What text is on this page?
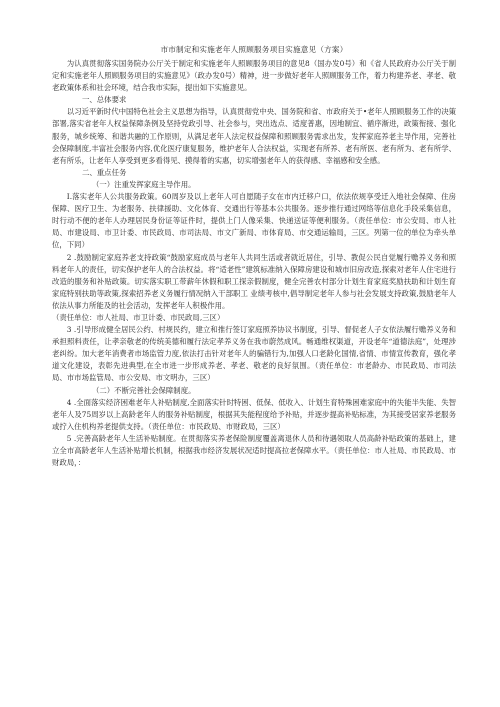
市市制定和实施老年人照顾服务项目实施意见（方案）

为认真贯彻落实国务院办公厅关于制定和实施老年人照顾服务项目的意见8（国办发0号）和《省人民政府办公厅关于制定和实施老年人照顾服务项目的实施意见》（政办发0号）精神，进一步做好老年人照顾服务工作，着力构建养老、孝老、敬老政策体系和社会环境，结合我市实际，提出如下实施意见。

一、总体要求

以习近平新时代中国特色社会主义思想为指导，认真贯彻党中央、国务院和省、市政府关于•老年人照顾服务工作的决策部署,落实省老年人权益保障条例及坚持党政引导、社会参与，突出选点、适度普惠，因地制宜、循序渐进，政策衔接、强化服务，城乡统筹、和谐共融的工作原则，从满足老年人法定权益保障和照顾服务需求出发，发挥家庭养老主导作用，完善社会保障制度,丰富社会服务内容,优化医疗康复服务，维护老年人合法权益，实现老有所养、老有所医、老有所为、老有所学、老有所乐，让老年人享受到更多看得见、摸得着的实惠，切实增强老年人的获得感、幸福感和安全感。

二、重点任务

（一）注重发挥家庭主导作用。

I.落实老年人公共服务政策。60周岁及以上老年人可自愿随子女在市内迁移户口，依法依规享受迁入地社会保障、住房保障、医疗卫生、为老服务、扶律援助、文化体育、交通出行等基本公共服务。逐步推行通过网络等信息化手段采集信息，时行动不便的老年人办理居民身份证等证件时，提供上门人像采集、快递送证等便利服务。（责任单位：市公安局、市人社局、市建设局、市卫计委、市民政局、市司法局、市文广新局、市体育局、市交通运输局，三区。列第一位的单位为牵头单位，下同）

2 .鼓励制定家庭养老支持政策“鼓励家庭成员与老年人共同生活或者就近居住，引导、教促公民自觉履行赡养义务和照料老年人的责任，切实保护老年人的合法权益。将“适老性”建筑标准纳入保障房建设和城市旧房改造,探索对老年人住宅进行改造的服务和补贴政策。切实落实职工带薪年休假和职工探亲假制度，健全完善农村部分计划生育家庭奖励扶助和计划生育家庭特别扶助等政策,探索招养老义务履行情况纳入干部职工 业绩考核中,倡导制定老年人参与社会发展支持政策,鼓励老年人依法从事力所能及的社会活动，发挥老年人积极作用。

（责任单位：市人社局、市卫计委、市民政局,三区）

3 .引导形成健全居民公约、村规民约，建立和推行签订家庭照养协议书制度，引导、督促老人子女依法履行赡养义务和承担照料责任，让孝亲敬老的传统美德和履行法定孝养义务在我市蔚然成风。畅通维权渠道，开设老年“道德法庭”，处理涉老纠纷。加大老年消费者市场监管力度,依法打击针对老年人的骗错行为,加强人口老龄化国情,省情、市情宣传教育，强化孝道文化建设，表彰先进典型,在全市进一步形成养老、孝老、敬老的良好氛围。（责任单位：市老龄办、市民政局、市司法局、市市场监管局、市公安局、市文明办，三区）

（二）不断完善社会保障制度。

4 .全面落实经济困难老年人补贴制度,全面落实针时特困、低保、低收入、计划生育特殊困难家庭中的失能半失能、失智老年人及75周岁以上高龄老年人的服务补贴制度，根据其失能程度给予补贴，并逐步提高补贴标准，为其接受居家养老服务或拧入住机构养老提供支持。（责任单位：市民政局、市财政局，三区）

5 .完善高龄老年人生活补贴制度。在贯彻落实养老保险制度覆盖离退休人员和待遇领取人员高龄补贴政策的基础上，建立全市高龄老年人生活补贴增长机制，根据我市经济发展状况适时提高拉老保障水平。（责任单位：市人社局、市民政局、市财政局，：
